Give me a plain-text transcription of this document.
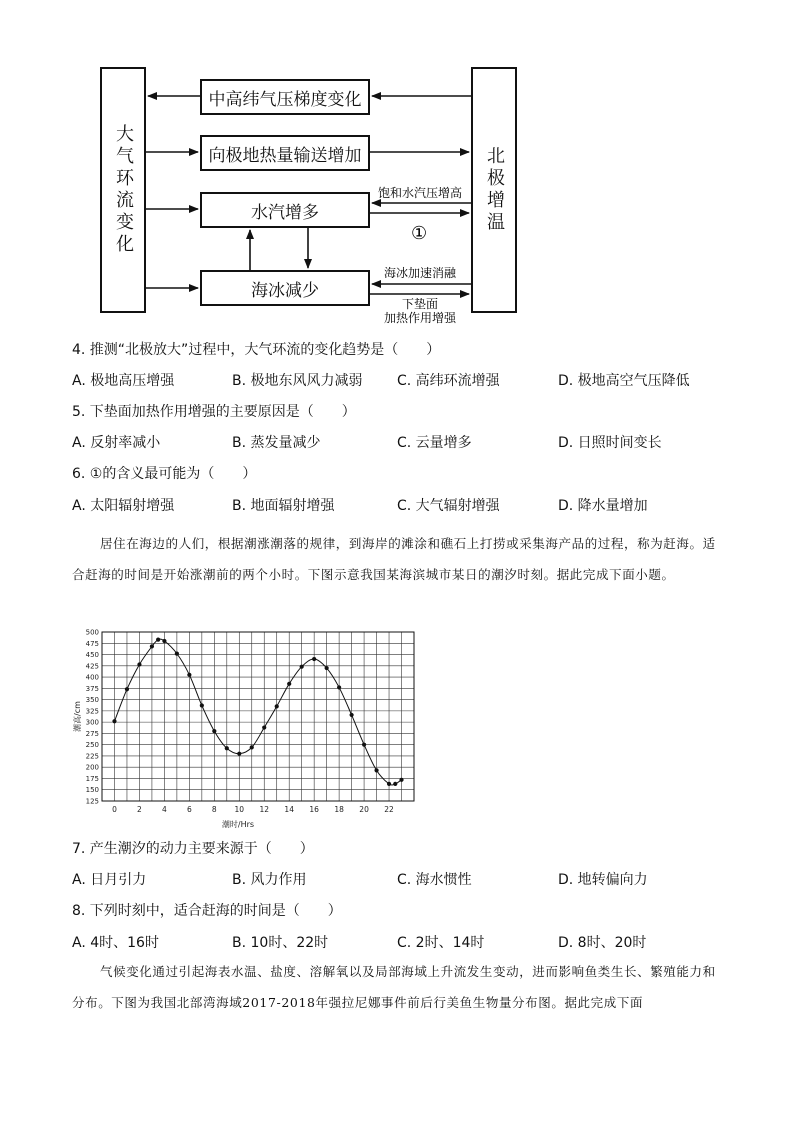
大气环流变化	北极增温
中高纬气压梯度变化
向极地热量输送增加
水汽增多
海冰减少
饱和水汽压增高
①
海冰加速消融
下垫面
加热作用增强
4. 推测“北极放大”过程中，大气环流的变化趋势是（　　）
A. 极地高压增强	B. 极地东风风力减弱 C. 高纬环流增强	D. 极地高空气压降低
5. 下垫面加热作用增强的主要原因是（　　）
A. 反射率减小	B. 蒸发量减少	C. 云量增多	D. 日照时间变长
6. ①的含义最可能为（　　）
A. 太阳辐射增强	B. 地面辐射增强	C. 大气辐射增强	D. 降水量增加
居住在海边的人们，根据潮涨潮落的规律，到海岸的滩涂和礁石上打捞或采集海产品的过程，称为赶海。适合赶海的时间是开始涨潮前的两个小时。下图示意我国某海滨城市某日的潮汐时刻。据此完成下面小题。
125
150
175
200
225
250
275
300
325
350
375
400
425
450
475
500
0	2	4	6	8 10 12 14 16 18 20 22
潮时/Hrs
潮高/cm
7. 产生潮汐的动力主要来源于（　　）
A. 日月引力	B. 风力作用	C. 海水惯性	D. 地转偏向力
8. 下列时刻中，适合赶海的时间是（　　）
A. 4时、16时	B. 10时、22时	C. 2时、14时	D. 8时、20时
气候变化通过引起海表水温、盐度、溶解氧以及局部海域上升流发生变动，进而影响鱼类生长、繁殖能力和分布。下图为我国北部湾海域2017-2018年强拉尼娜事件前后行美鱼生物量分布图。据此完成下面
